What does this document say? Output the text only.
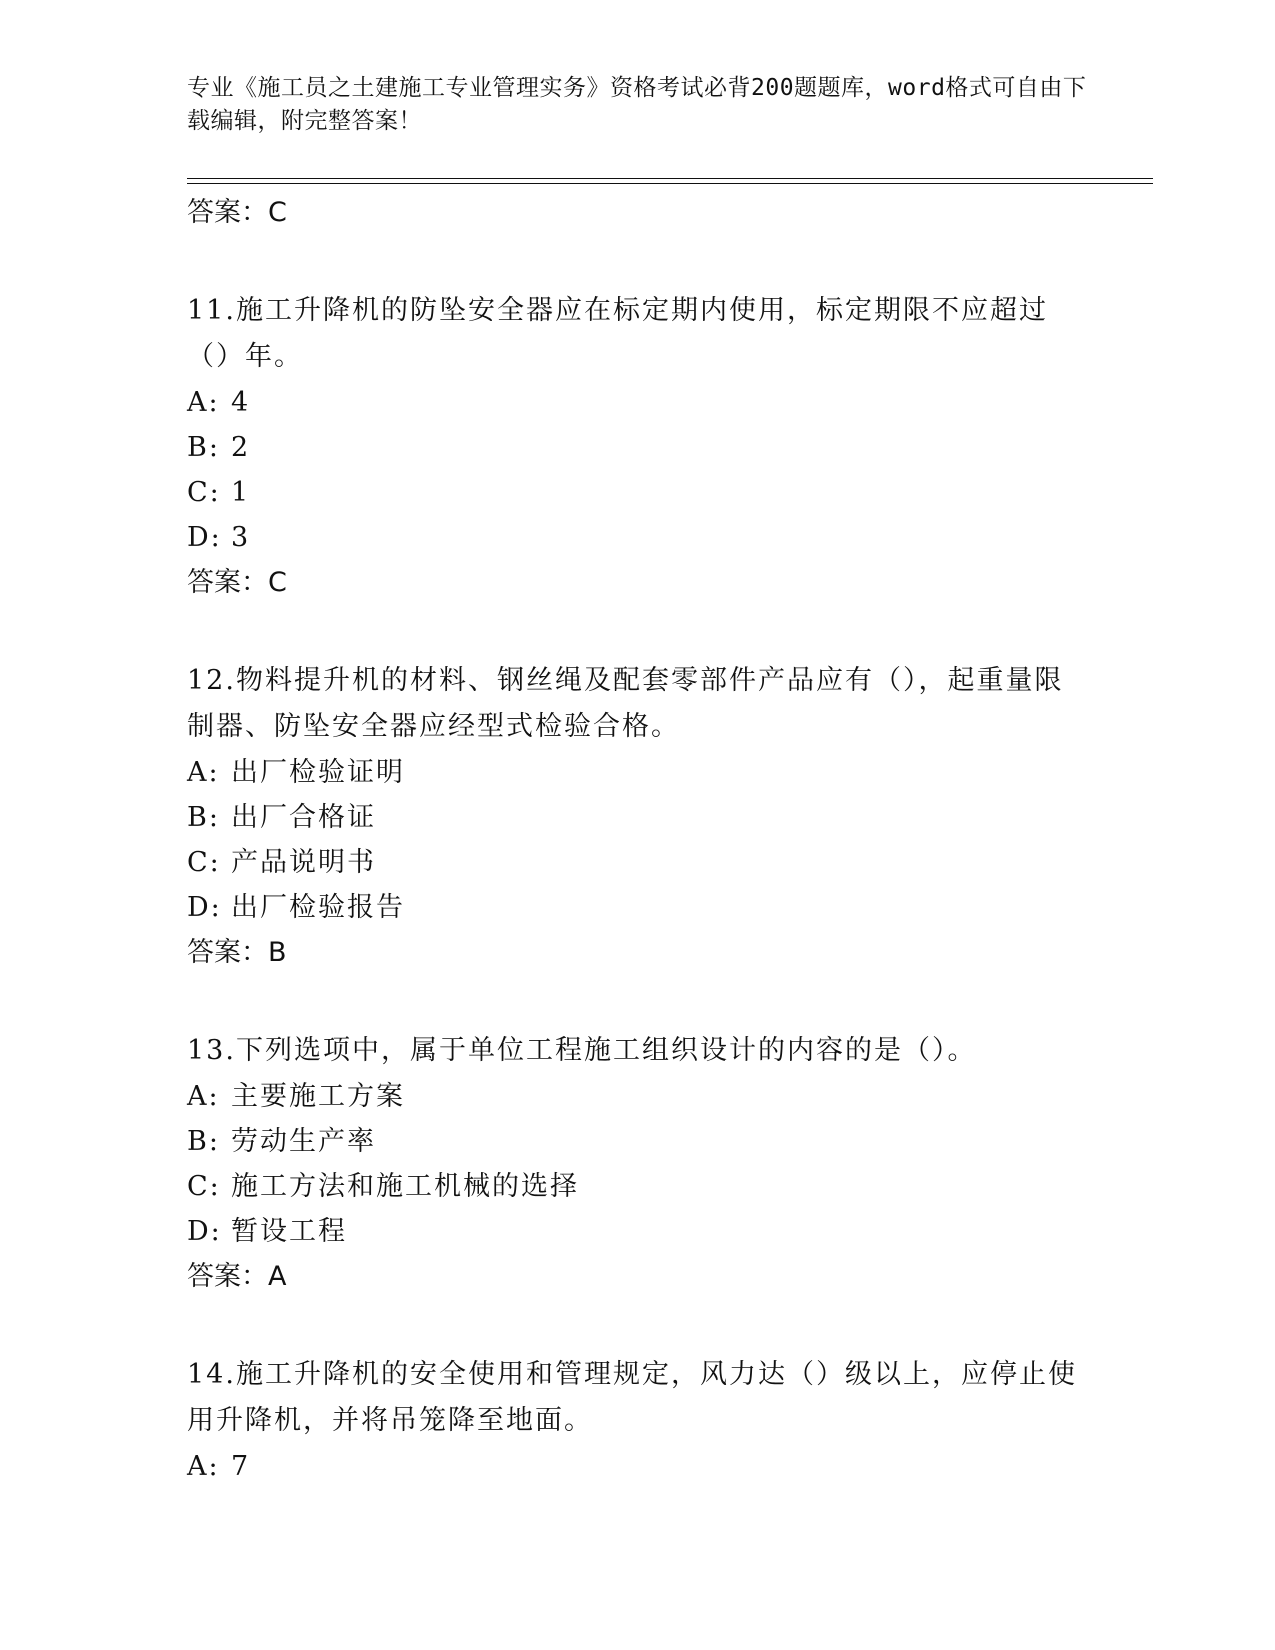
专业《施工员之土建施工专业管理实务》资格考试必背200题题库，word格式可自由下载编辑，附完整答案！
答案：C
11.施工升降机的防坠安全器应在标定期内使用，标定期限不应超过（）年。
A: 4
B: 2
C: 1
D: 3
答案：C
12.物料提升机的材料、钢丝绳及配套零部件产品应有（），起重量限制器、防坠安全器应经型式检验合格。
A: 出厂检验证明
B: 出厂合格证
C: 产品说明书
D: 出厂检验报告
答案：B
13.下列选项中，属于单位工程施工组织设计的内容的是（）。
A: 主要施工方案
B: 劳动生产率
C: 施工方法和施工机械的选择
D: 暂设工程
答案：A
14.施工升降机的安全使用和管理规定，风力达（）级以上，应停止使用升降机，并将吊笼降至地面。
A: 7
